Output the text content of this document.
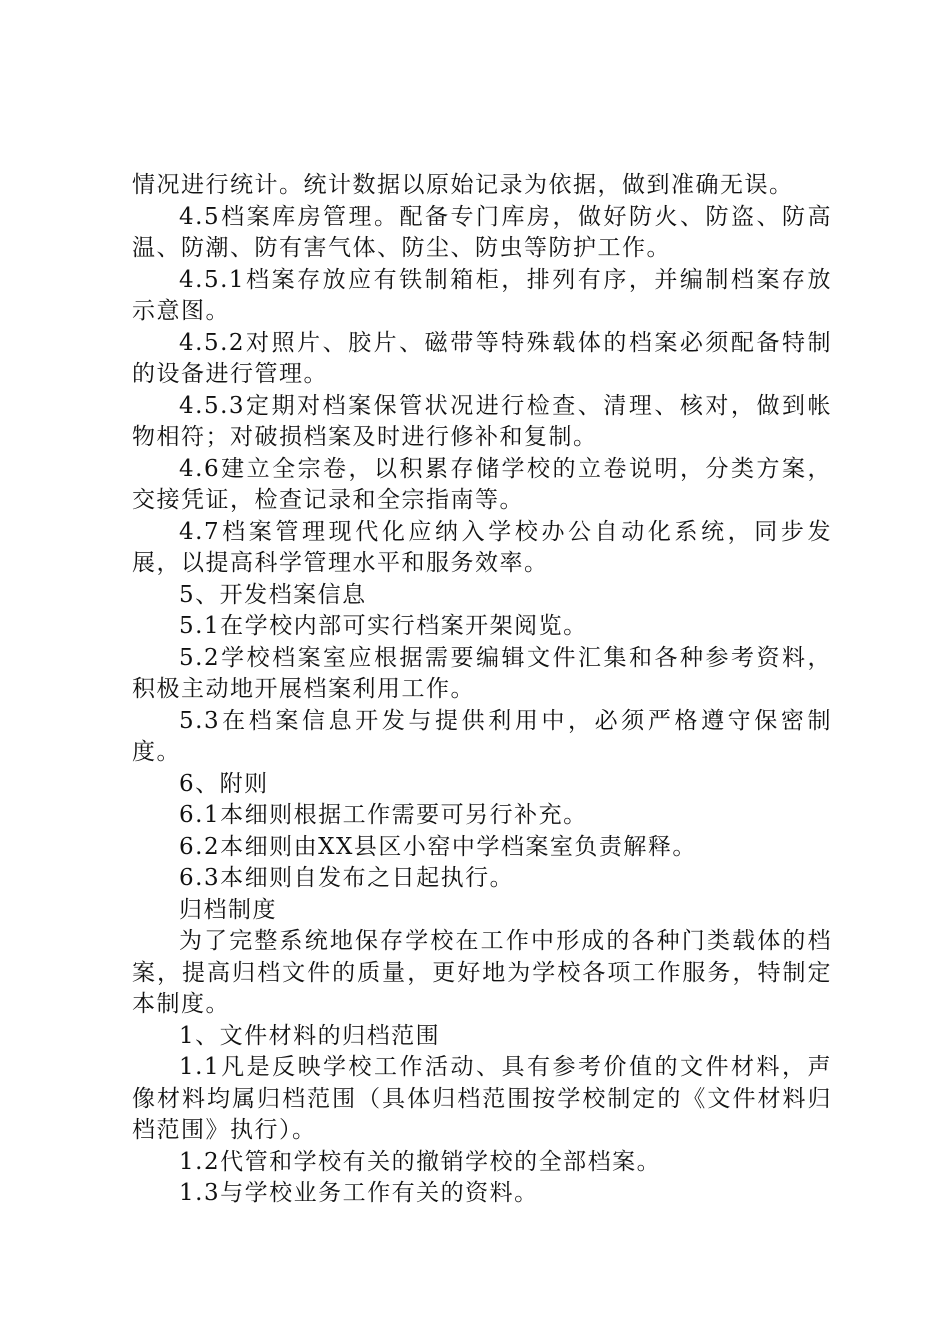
情况进行统计。统计数据以原始记录为依据，做到准确无误。

4.5档案库房管理。配备专门库房，做好防火、防盗、防高温、防潮、防有害气体、防尘、防虫等防护工作。

4.5.1档案存放应有铁制箱柜，排列有序，并编制档案存放示意图。

4.5.2对照片、胶片、磁带等特殊载体的档案必须配备特制的设备进行管理。

4.5.3定期对档案保管状况进行检查、清理、核对，做到帐物相符；对破损档案及时进行修补和复制。

4.6建立全宗卷，以积累存储学校的立卷说明，分类方案，交接凭证，检查记录和全宗指南等。

4.7档案管理现代化应纳入学校办公自动化系统，同步发展，以提高科学管理水平和服务效率。

5、开发档案信息

5.1在学校内部可实行档案开架阅览。

5.2学校档案室应根据需要编辑文件汇集和各种参考资料，积极主动地开展档案利用工作。

5.3在档案信息开发与提供利用中，必须严格遵守保密制度。

6、附则

6.1本细则根据工作需要可另行补充。

6.2本细则由XX县区小窑中学档案室负责解释。

6.3本细则自发布之日起执行。

归档制度

为了完整系统地保存学校在工作中形成的各种门类载体的档案，提高归档文件的质量，更好地为学校各项工作服务，特制定本制度。

1、文件材料的归档范围

1.1凡是反映学校工作活动、具有参考价值的文件材料，声像材料均属归档范围（具体归档范围按学校制定的《文件材料归档范围》执行）。

1.2代管和学校有关的撤销学校的全部档案。

1.3与学校业务工作有关的资料。
